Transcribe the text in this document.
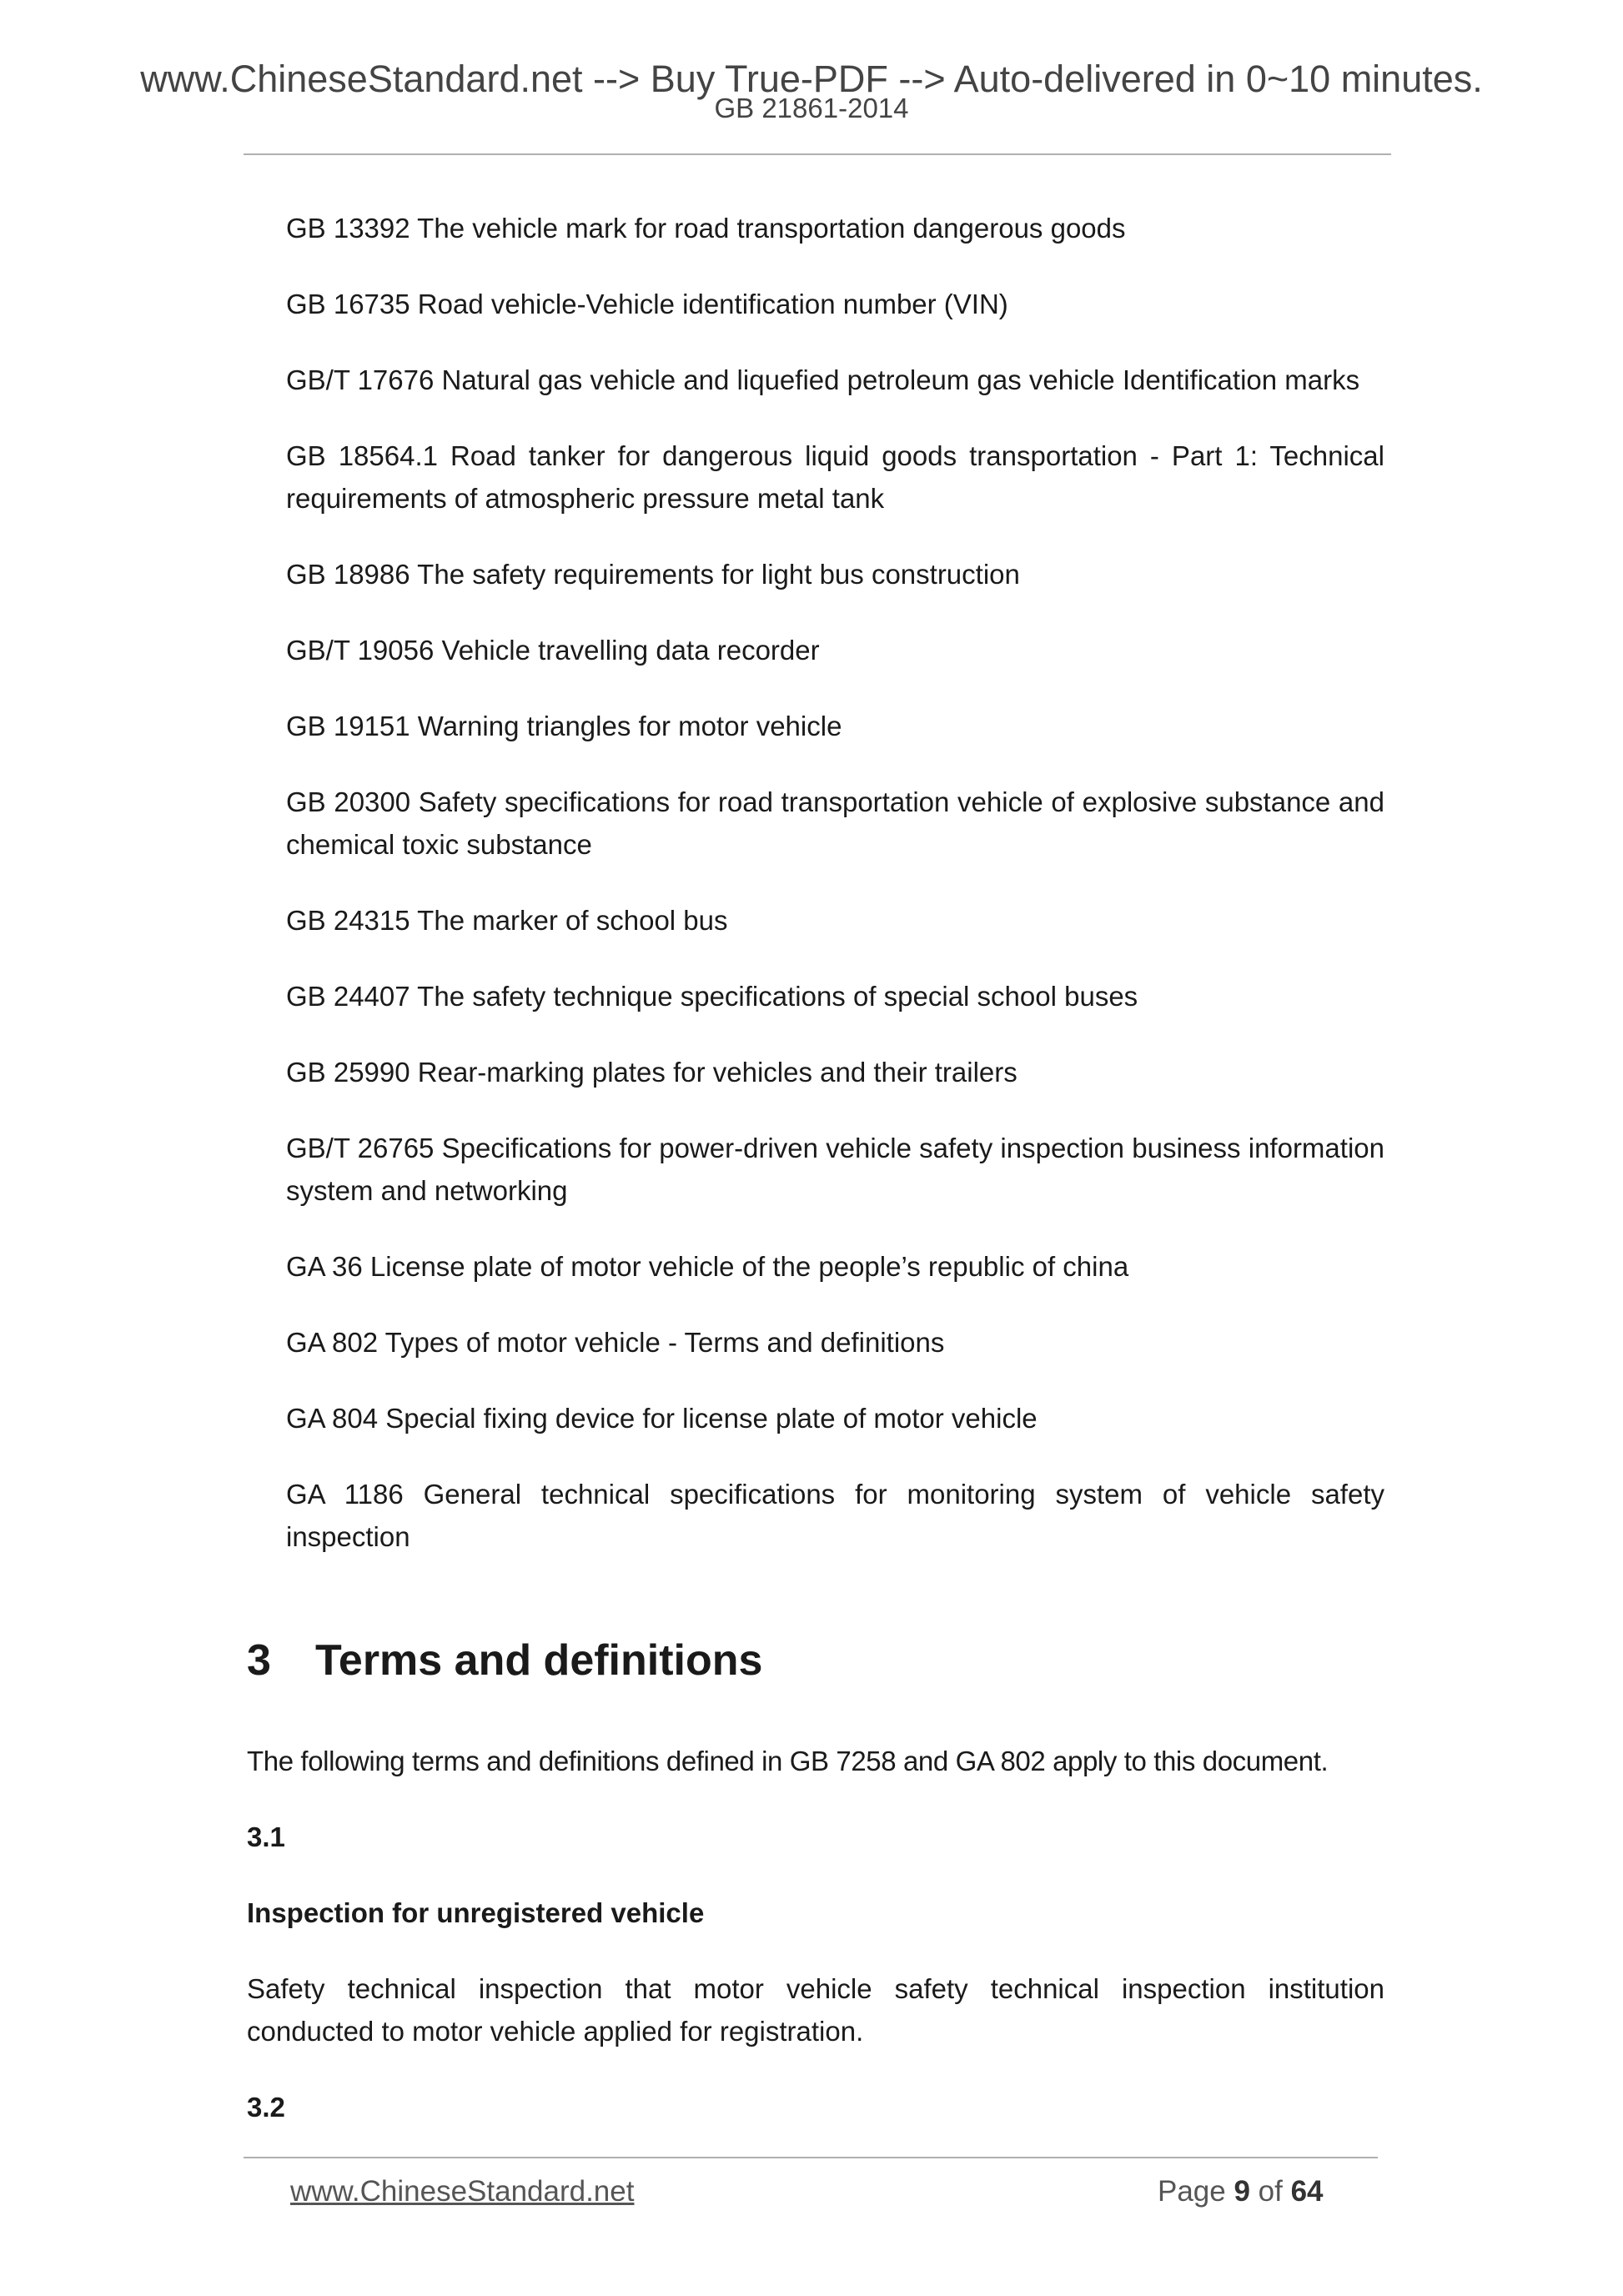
www.ChineseStandard.net --> Buy True-PDF --> Auto-delivered in 0~10 minutes.
GB 21861-2014

GB 13392 The vehicle mark for road transportation dangerous goods

GB 16735 Road vehicle-Vehicle identification number (VIN)

GB/T 17676 Natural gas vehicle and liquefied petroleum gas vehicle Identification marks

GB 18564.1 Road tanker for dangerous liquid goods transportation - Part 1: Technical requirements of atmospheric pressure metal tank

GB 18986 The safety requirements for light bus construction

GB/T 19056 Vehicle travelling data recorder

GB 19151 Warning triangles for motor vehicle

GB 20300 Safety specifications for road transportation vehicle of explosive substance and chemical toxic substance

GB 24315 The marker of school bus

GB 24407 The safety technique specifications of special school buses

GB 25990 Rear-marking plates for vehicles and their trailers

GB/T 26765 Specifications for power-driven vehicle safety inspection business information system and networking

GA 36 License plate of motor vehicle of the people’s republic of china

GA 802 Types of motor vehicle - Terms and definitions

GA 804 Special fixing device for license plate of motor vehicle

GA 1186 General technical specifications for monitoring system of vehicle safety inspection

3 Terms and definitions

The following terms and definitions defined in GB 7258 and GA 802 apply to this document.

3.1

Inspection for unregistered vehicle

Safety technical inspection that motor vehicle safety technical inspection institution conducted to motor vehicle applied for registration.

3.2

www.ChineseStandard.net	Page 9 of 64
